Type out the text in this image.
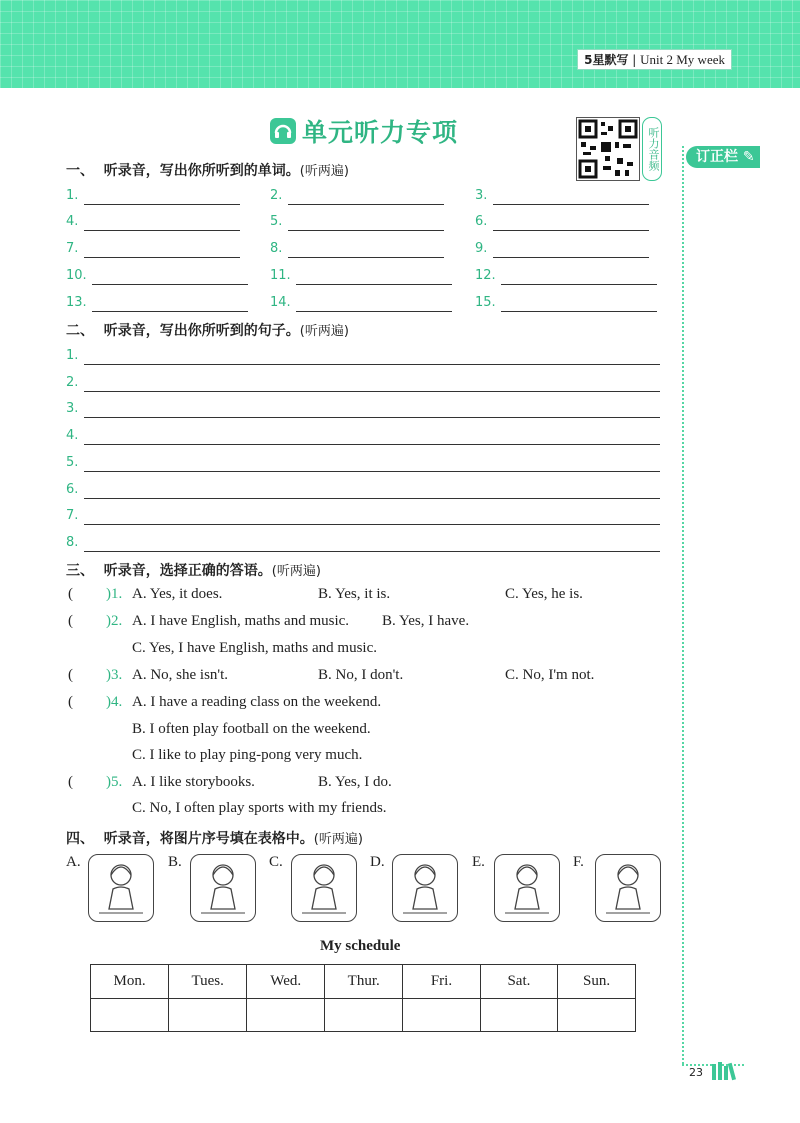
5星默写 | Unit 2 My week
单元听力专项	听力音频	订正栏 ✎
一、 听录音，写出你所听到的单词。(听两遍)
1.	2.	3.
4.	5.	6.
7.	8.	9.
10.	11.	12.
13.	14.	15.
二、 听录音，写出你所听到的句子。(听两遍)
1.
2.
3.
4.
5.
6.
7.
8.
三、 听录音，选择正确的答语。(听两遍)
( )1. A. Yes, it does.	B. Yes, it is.	C. Yes, he is.
( )2. A. I have English, maths and music. B. Yes, I have.
C. Yes, I have English, maths and music.
( )3. A. No, she isn't.	B. No, I don't.	C. No, I'm not.
( )4. A. I have a reading class on the weekend.
B. I often play football on the weekend.
C. I like to play ping-pong very much.
( )5. A. I like storybooks.	B. Yes, I do.
C. No, I often play sports with my friends.
四、 听录音，将图片序号填在表格中。(听两遍)
A.	B.	C.	D.	E.	F.
My schedule
Mon.	Tues.	Wed.	Thur.	Fri.	Sat.	Sun.

23
